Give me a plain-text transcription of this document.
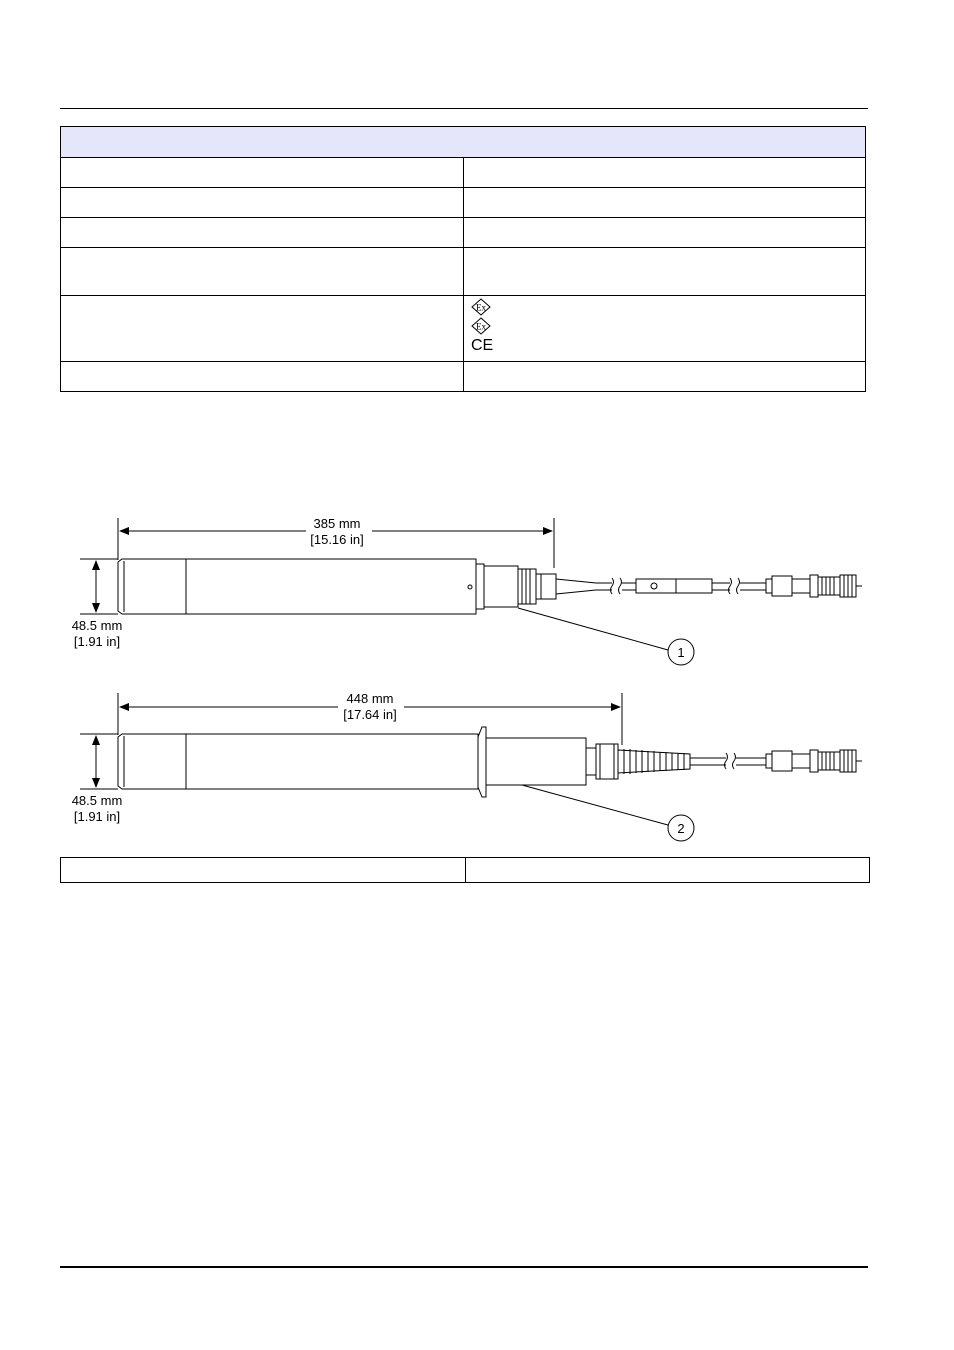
Ex
Ex
CE

385 mm
[15.16 in]
48.5 mm
[1.91 in]
1
448 mm
[17.64 in]
48.5 mm
[1.91 in]
2
